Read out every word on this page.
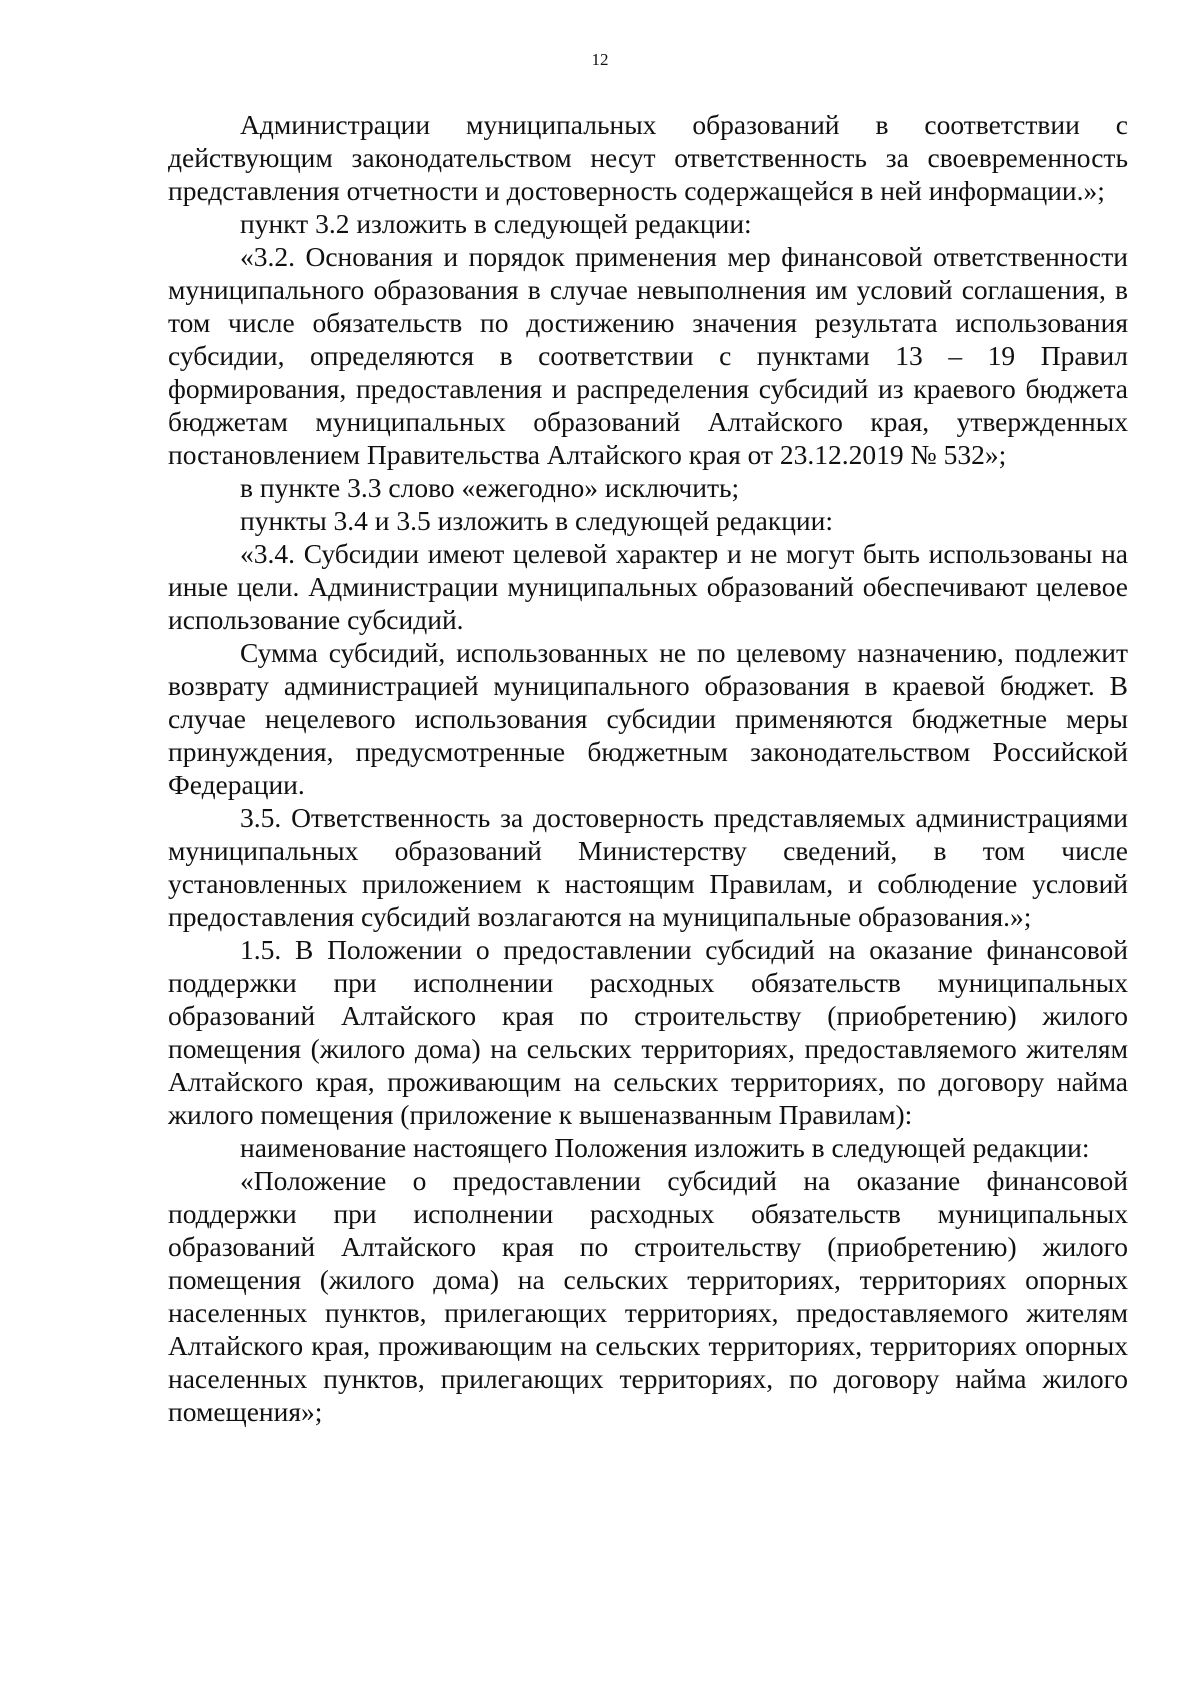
12

Администрации муниципальных образований в соответствии с действующим законодательством несут ответственность за своевременность представления отчетности и достоверность содержащейся в ней информации.»;

пункт 3.2 изложить в следующей редакции:

«3.2. Основания и порядок применения мер финансовой ответственности муниципального образования в случае невыполнения им условий соглашения, в том числе обязательств по достижению значения результата использования субсидии, определяются в соответствии с пунктами 13 – 19 Правил формирования, предоставления и распределения субсидий из краевого бюджета бюджетам муниципальных образований Алтайского края, утвержденных постановлением Правительства Алтайского края от 23.12.2019 № 532»;

в пункте 3.3 слово «ежегодно» исключить;

пункты 3.4 и 3.5 изложить в следующей редакции:

«3.4. Субсидии имеют целевой характер и не могут быть использованы на иные цели. Администрации муниципальных образований обеспечивают целевое использование субсидий.

Сумма субсидий, использованных не по целевому назначению, подлежит возврату администрацией муниципального образования в краевой бюджет. В случае нецелевого использования субсидии применяются бюджетные меры принуждения, предусмотренные бюджетным законодательством Российской Федерации.

3.5. Ответственность за достоверность представляемых администрациями муниципальных образований Министерству сведений, в том числе установленных приложением к настоящим Правилам, и соблюдение условий предоставления субсидий возлагаются на муниципальные образования.»;

1.5. В Положении о предоставлении субсидий на оказание финансовой поддержки при исполнении расходных обязательств муниципальных образований Алтайского края по строительству (приобретению) жилого помещения (жилого дома) на сельских территориях, предоставляемого жителям Алтайского края, проживающим на сельских территориях, по договору найма жилого помещения (приложение к вышеназванным Правилам):

наименование настоящего Положения изложить в следующей редакции:

«Положение о предоставлении субсидий на оказание финансовой поддержки при исполнении расходных обязательств муниципальных образований Алтайского края по строительству (приобретению) жилого помещения (жилого дома) на сельских территориях, территориях опорных населенных пунктов, прилегающих территориях, предоставляемого жителям Алтайского края, проживающим на сельских территориях, территориях опорных населенных пунктов, прилегающих территориях, по договору найма жилого помещения»;
